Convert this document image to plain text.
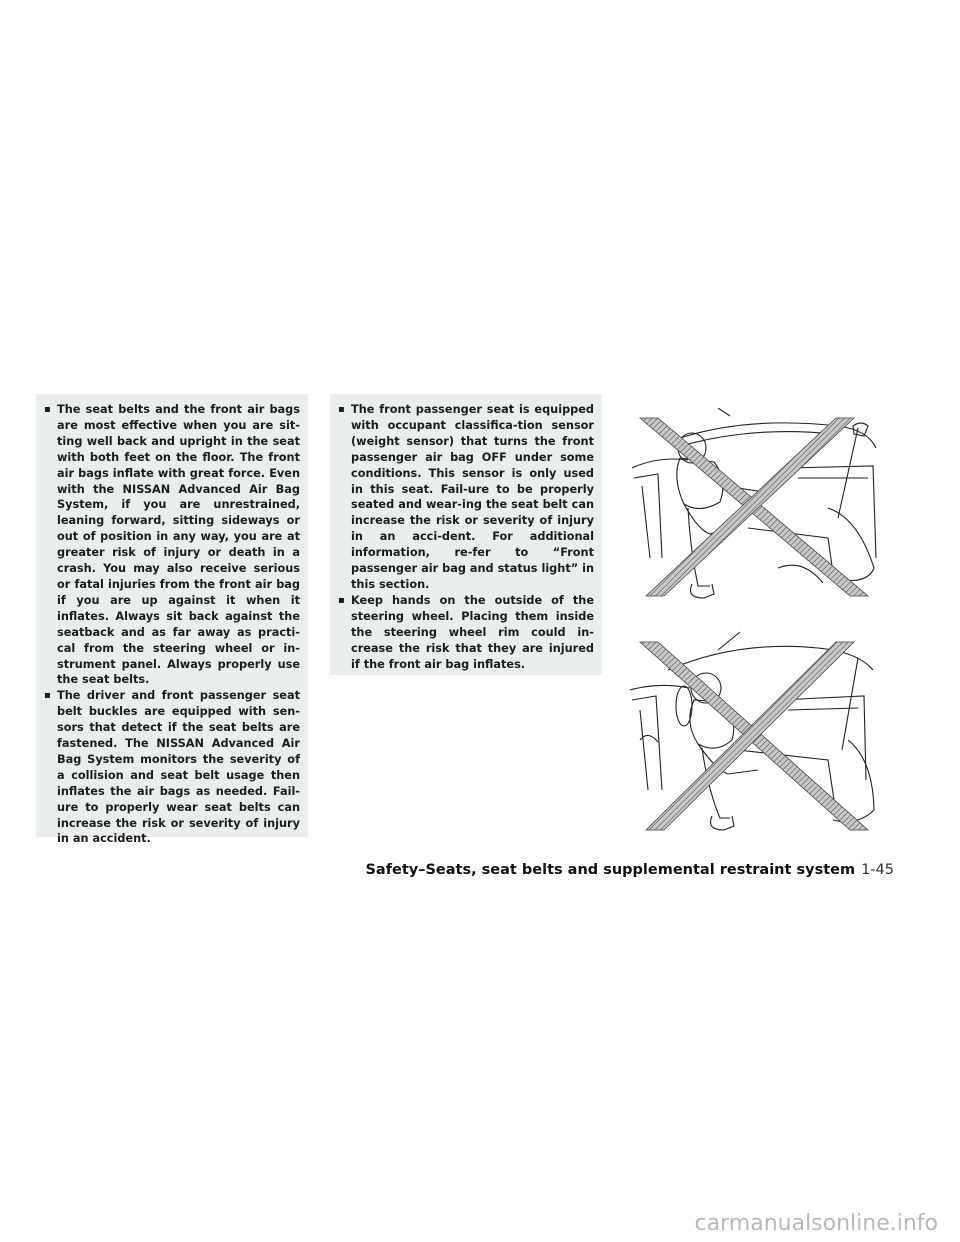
▪ The seat belts and the front air bags are most effective when you are sit-ting well back and upright in the seat with both feet on the floor. The front air bags inflate with great force. Even with the NISSAN Advanced Air Bag System, if you are unrestrained, leaning forward, sitting sideways or out of position in any way, you are at greater risk of injury or death in a crash. You may also receive serious or fatal injuries from the front air bag if you are up against it when it inflates. Always sit back against the seatback and as far away as practi-cal from the steering wheel or in-strument panel. Always properly use the seat belts.
▪ The driver and front passenger seat belt buckles are equipped with sen-sors that detect if the seat belts are fastened. The NISSAN Advanced Air Bag System monitors the severity of a collision and seat belt usage then inflates the air bags as needed. Fail-ure to properly wear seat belts can increase the risk or severity of injury in an accident.
▪ The front passenger seat is equipped with occupant classifica-tion sensor (weight sensor) that turns the front passenger air bag OFF under some conditions. This sensor is only used in this seat. Fail-ure to be properly seated and wear-ing the seat belt can increase the risk or severity of injury in an acci-dent. For additional information, re-fer to “Front passenger air bag and status light” in this section.
▪ Keep hands on the outside of the steering wheel. Placing them inside the steering wheel rim could in-crease the risk that they are injured if the front air bag inflates.
Safety–Seats, seat belts and supplemental restraint system 1-45
carmanualsonline.info
